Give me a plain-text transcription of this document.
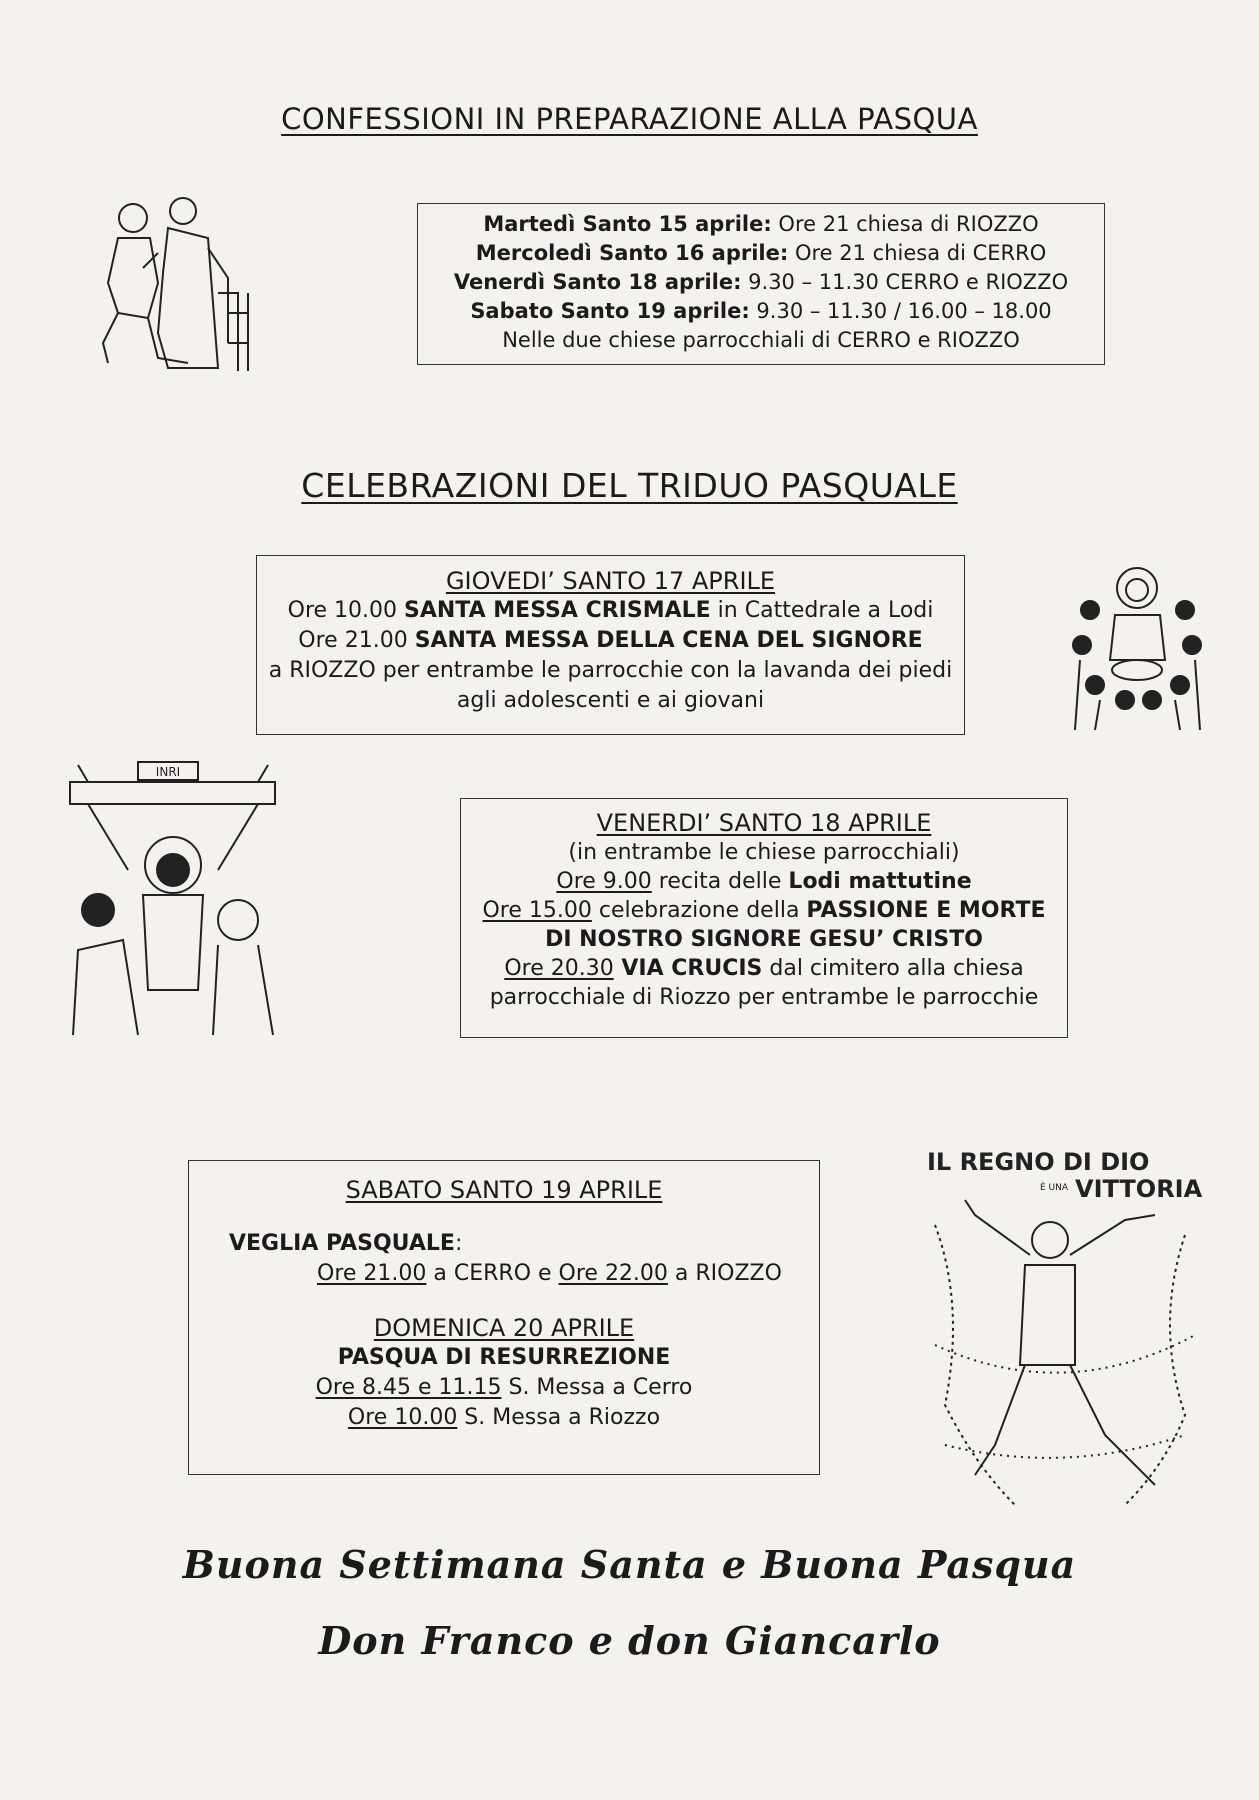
CONFESSIONI IN PREPARAZIONE ALLA PASQUA
Martedì Santo 15 aprile: Ore 21 chiesa di RIOZZO
Mercoledì Santo 16 aprile: Ore 21 chiesa di CERRO
Venerdì Santo 18 aprile: 9.30 – 11.30 CERRO e RIOZZO
Sabato Santo 19 aprile: 9.30 – 11.30 / 16.00 – 18.00
Nelle due chiese parrocchiali di CERRO e RIOZZO
CELEBRAZIONI DEL TRIDUO PASQUALE
GIOVEDI’ SANTO 17 APRILE
Ore 10.00 SANTA MESSA CRISMALE in Cattedrale a Lodi
Ore 21.00 SANTA MESSA DELLA CENA DEL SIGNORE
a RIOZZO per entrambe le parrocchie con la lavanda dei piedi
agli adolescenti e ai giovani
INRI
VENERDI’ SANTO 18 APRILE
(in entrambe le chiese parrocchiali)
Ore 9.00 recita delle Lodi mattutine
Ore 15.00 celebrazione della PASSIONE E MORTE
DI NOSTRO SIGNORE GESU’ CRISTO
Ore 20.30 VIA CRUCIS dal cimitero alla chiesa
parrocchiale di Riozzo per entrambe le parrocchie
SABATO SANTO 19 APRILE
VEGLIA PASQUALE:
Ore 21.00 a CERRO e Ore 22.00 a RIOZZO
DOMENICA 20 APRILE
PASQUA DI RESURREZIONE
Ore 8.45 e 11.15 S. Messa a Cerro
Ore 10.00 S. Messa a Riozzo
IL REGNO DI DIO
È UNA VITTORIA
Buona Settimana Santa e Buona Pasqua
Don Franco e don Giancarlo
